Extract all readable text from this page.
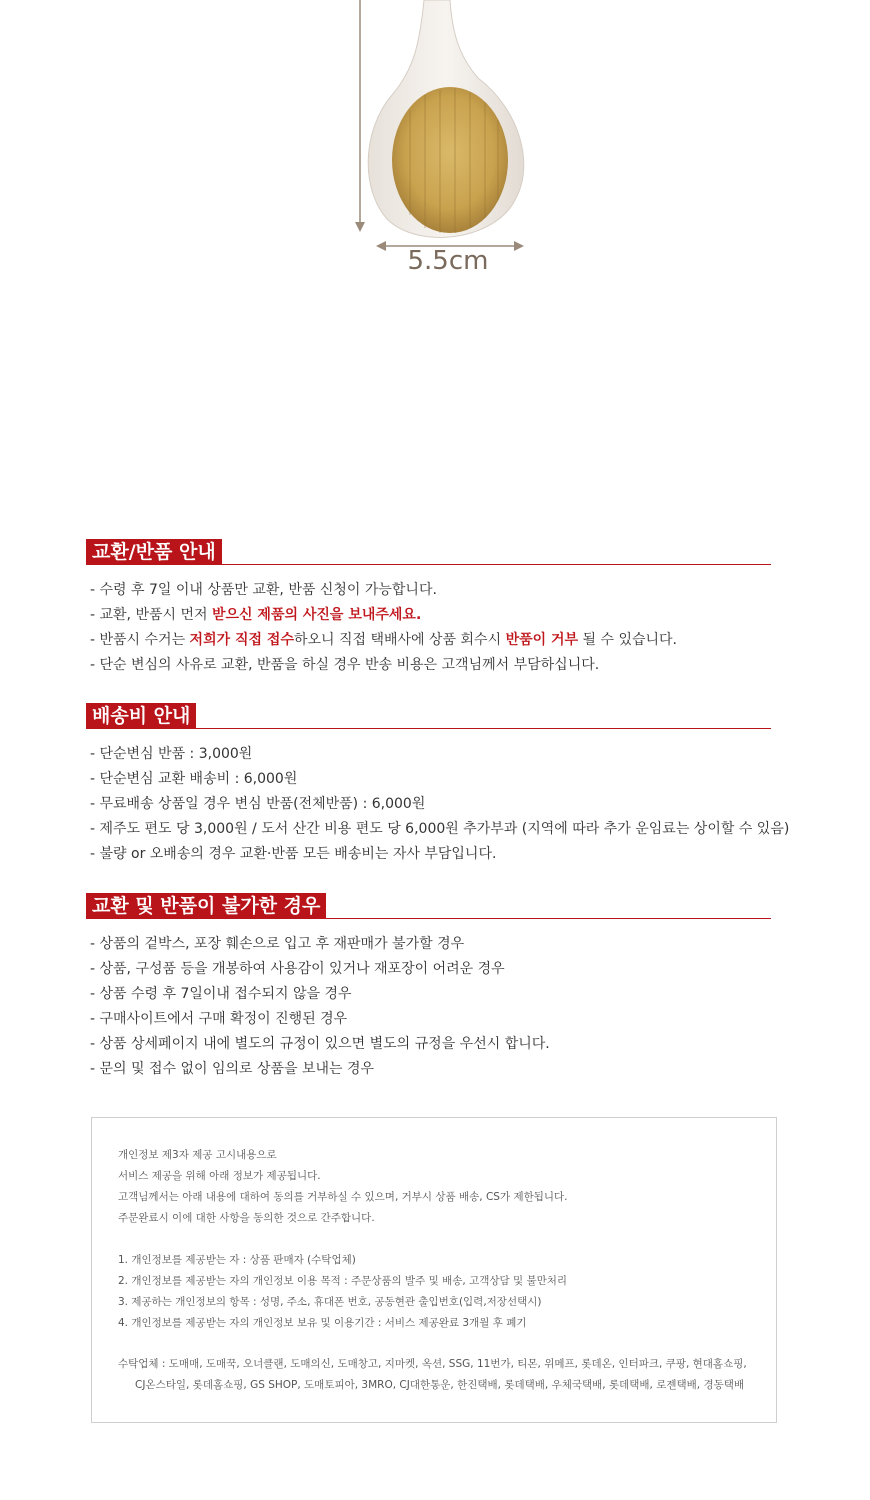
5.5cm
교환/반품 안내
- 수령 후 7일 이내 상품만 교환, 반품 신청이 가능합니다.
- 교환, 반품시 먼저 받으신 제품의 사진을 보내주세요.
- 반품시 수거는 저희가 직접 접수하오니 직접 택배사에 상품 회수시 반품이 거부 될 수 있습니다.
- 단순 변심의 사유로 교환, 반품을 하실 경우 반송 비용은 고객님께서 부담하십니다.
배송비 안내
- 단순변심 반품 : 3,000원
- 단순변심 교환 배송비 : 6,000원
- 무료배송 상품일 경우 변심 반품(전체반품) : 6,000원
- 제주도 편도 당 3,000원 / 도서 산간 비용 편도 당 6,000원 추가부과 (지역에 따라 추가 운임료는 상이할 수 있음)
- 불량 or 오배송의 경우 교환·반품 모든 배송비는 자사 부담입니다.
교환 및 반품이 불가한 경우
- 상품의 겉박스, 포장 훼손으로 입고 후 재판매가 불가할 경우
- 상품, 구성품 등을 개봉하여 사용감이 있거나 재포장이 어려운 경우
- 상품 수령 후 7일이내 접수되지 않을 경우
- 구매사이트에서 구매 확정이 진행된 경우
- 상품 상세페이지 내에 별도의 규정이 있으면 별도의 규정을 우선시 합니다.
- 문의 및 접수 없이 임의로 상품을 보내는 경우

개인정보 제3자 제공 고시내용으로

서비스 제공을 위해 아래 정보가 제공됩니다.

고객님께서는 아래 내용에 대하여 동의를 거부하실 수 있으며, 거부시 상품 배송, CS가 제한됩니다.

주문완료시 이에 대한 사항을 동의한 것으로 간주합니다.

1. 개인정보를 제공받는 자 : 상품 판매자 (수탁업체)

2. 개인정보를 제공받는 자의 개인정보 이용 목적 : 주문상품의 발주 및 배송, 고객상담 및 불만처리

3. 제공하는 개인정보의 항목 : 성명, 주소, 휴대폰 번호, 공동현관 출입번호(입력,저장선택시)

4. 개인정보를 제공받는 자의 개인정보 보유 및 이용기간 : 서비스 제공완료 3개월 후 폐기

수탁업체 : 도매매, 도매꾹, 오너클랜, 도매의신, 도매창고, 지마켓, 옥션, SSG, 11번가, 티몬, 위메프, 롯데온, 인터파크, 쿠팡, 현대홈쇼핑,

CJ온스타일, 롯데홈쇼핑, GS SHOP, 도매토피아, 3MRO, CJ대한통운, 한진택배, 롯데택배, 우체국택배, 롯데택배, 로젠택배, 경동택배
